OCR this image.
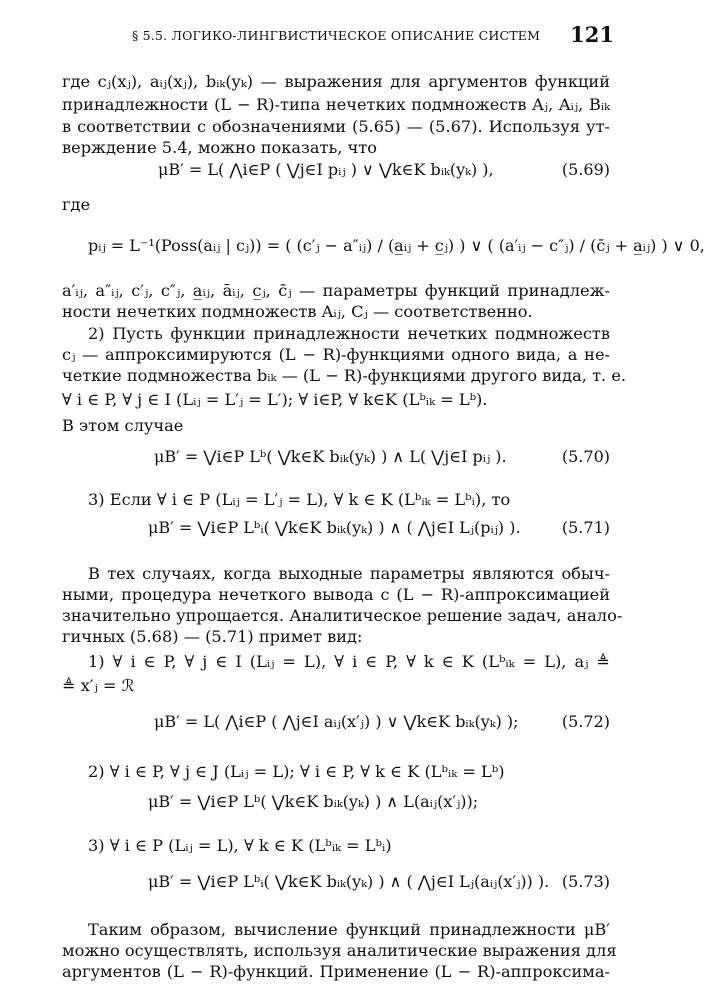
§ 5.5. ЛОГИКО-ЛИНГВИСТИЧЕСКОЕ ОПИСАНИЕ СИСТЕМ 121
где cⱼ(xⱼ), aᵢⱼ(xⱼ), bᵢₖ(yₖ) — выражения для аргументов функций
принадлежности (L − R)-типа нечетких подмножеств Aⱼ, Aᵢⱼ, Bᵢₖ
в соответствии с обозначениями (5.65) — (5.67). Используя ут-
верждение 5.4, можно показать, что
μB′ = L( ⋀i∈P ( ⋁j∈I pᵢⱼ ) ∨ ⋁k∈K bᵢₖ(yₖ) ),	(5.69)
где
pᵢⱼ = L⁻¹(Poss(aᵢⱼ | cⱼ)) = ( (c′ⱼ − a″ᵢⱼ) / (a̲ᵢⱼ + c̲ⱼ) ) ∨ ( (a′ᵢⱼ − c″ⱼ) / (c̄ⱼ + a̲ᵢⱼ) ) ∨ 0,
a′ᵢⱼ, a″ᵢⱼ, c′ⱼ, c″ⱼ, a̲ᵢⱼ, āᵢⱼ, c̲ⱼ, c̄ⱼ — параметры функций принадлеж-
ности нечетких подмножеств Aᵢⱼ, Cⱼ — соответственно.
2) Пусть функции принадлежности нечетких подмножеств
cⱼ — аппроксимируются (L − R)-функциями одного вида, а не-
четкие подмножества bᵢₖ — (L − R)-функциями другого вида, т. е.
∀ i ∈ P, ∀ j ∈ I (Lᵢⱼ = L′ⱼ = L′); ∀ i∈P, ∀ k∈K (Lᵇᵢₖ = Lᵇ).
В этом случае
μB′ = ⋁i∈P Lᵇ( ⋁k∈K bᵢₖ(yₖ) ) ∧ L( ⋁j∈I pᵢⱼ ).	(5.70)
3) Если ∀ i ∈ P (Lᵢⱼ = L′ⱼ = L), ∀ k ∈ K (Lᵇᵢₖ = Lᵇᵢ), то
μB′ = ⋁i∈P Lᵇᵢ( ⋁k∈K bᵢₖ(yₖ) ) ∧ ( ⋀j∈I Lⱼ(pᵢⱼ) ).	(5.71)
В тех случаях, когда выходные параметры являются обыч-
ными, процедура нечеткого вывода с (L − R)-аппроксимацией
значительно упрощается. Аналитическое решение задач, анало-
гичных (5.68) — (5.71) примет вид:
1) ∀ i ∈ P, ∀ j ∈ I (Lᵢⱼ = L), ∀ i ∈ P, ∀ k ∈ K (Lᵇᵢₖ = L), aⱼ ≜
≜ x′ⱼ = ℛ
μB′ = L( ⋀i∈P ( ⋀j∈I aᵢⱼ(x′ⱼ) ) ∨ ⋁k∈K bᵢₖ(yₖ) );	(5.72)
2) ∀ i ∈ P, ∀ j ∈ J (Lᵢⱼ = L); ∀ i ∈ P, ∀ k ∈ K (Lᵇᵢₖ = Lᵇ)
μB′ = ⋁i∈P Lᵇ( ⋁k∈K bᵢₖ(yₖ) ) ∧ L(aᵢⱼ(x′ⱼ));
3) ∀ i ∈ P (Lᵢⱼ = L), ∀ k ∈ K (Lᵇᵢₖ = Lᵇᵢ)
μB′ = ⋁i∈P Lᵇᵢ( ⋁k∈K bᵢₖ(yₖ) ) ∧ ( ⋀j∈I Lⱼ(aᵢⱼ(x′ⱼ)) ). (5.73)
Таким образом, вычисление функций принадлежности μB′
можно осуществлять, используя аналитические выражения для
аргументов (L − R)-функций. Применение (L − R)-аппроксима-
